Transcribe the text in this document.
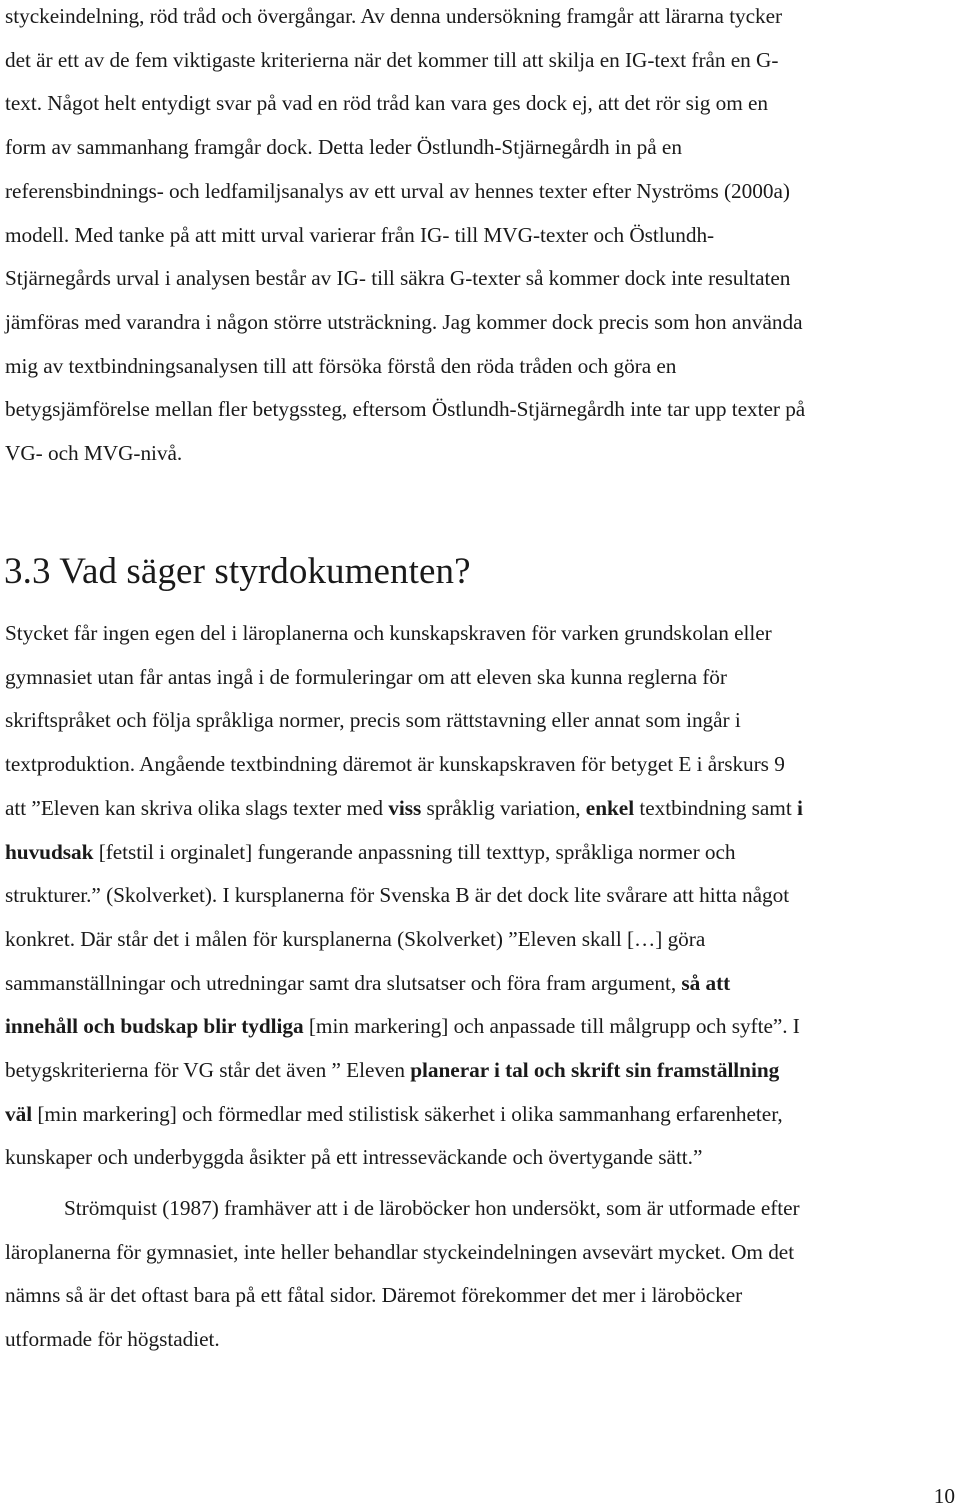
styckeindelning, röd tråd och övergångar. Av denna undersökning framgår att lärarna tycker
det är ett av de fem viktigaste kriterierna när det kommer till att skilja en IG-text från en G-
text. Något helt entydigt svar på vad en röd tråd kan vara ges dock ej, att det rör sig om en
form av sammanhang framgår dock. Detta leder Östlundh-Stjärnegårdh in på en
referensbindnings- och ledfamiljsanalys av ett urval av hennes texter efter Nyströms (2000a)
modell. Med tanke på att mitt urval varierar från IG- till MVG-texter och Östlundh-
Stjärnegårds urval i analysen består av IG- till säkra G-texter så kommer dock inte resultaten
jämföras med varandra i någon större utsträckning. Jag kommer dock precis som hon använda
mig av textbindningsanalysen till att försöka förstå den röda tråden och göra en
betygsjämförelse mellan fler betygssteg, eftersom Östlundh-Stjärnegårdh inte tar upp texter på
VG- och MVG-nivå.

3.3 Vad säger styrdokumenten?

Stycket får ingen egen del i läroplanerna och kunskapskraven för varken grundskolan eller
gymnasiet utan får antas ingå i de formuleringar om att eleven ska kunna reglerna för
skriftspråket och följa språkliga normer, precis som rättstavning eller annat som ingår i
textproduktion. Angående textbindning däremot är kunskapskraven för betyget E i årskurs 9
att ”Eleven kan skriva olika slags texter med viss språklig variation, enkel textbindning samt i
huvudsak [fetstil i orginalet] fungerande anpassning till texttyp, språkliga normer och
strukturer.” (Skolverket). I kursplanerna för Svenska B är det dock lite svårare att hitta något
konkret. Där står det i målen för kursplanerna (Skolverket) ”Eleven skall […] göra
sammanställningar och utredningar samt dra slutsatser och föra fram argument, så att
innehåll och budskap blir tydliga [min markering] och anpassade till målgrupp och syfte”. I
betygskriterierna för VG står det även ” Eleven planerar i tal och skrift sin framställning
väl [min markering] och förmedlar med stilistisk säkerhet i olika sammanhang erfarenheter,
kunskaper och underbyggda åsikter på ett intresseväckande och övertygande sätt.”

Strömquist (1987) framhäver att i de läroböcker hon undersökt, som är utformade efter
läroplanerna för gymnasiet, inte heller behandlar styckeindelningen avsevärt mycket. Om det
nämns så är det oftast bara på ett fåtal sidor. Däremot förekommer det mer i läroböcker
utformade för högstadiet.

10
